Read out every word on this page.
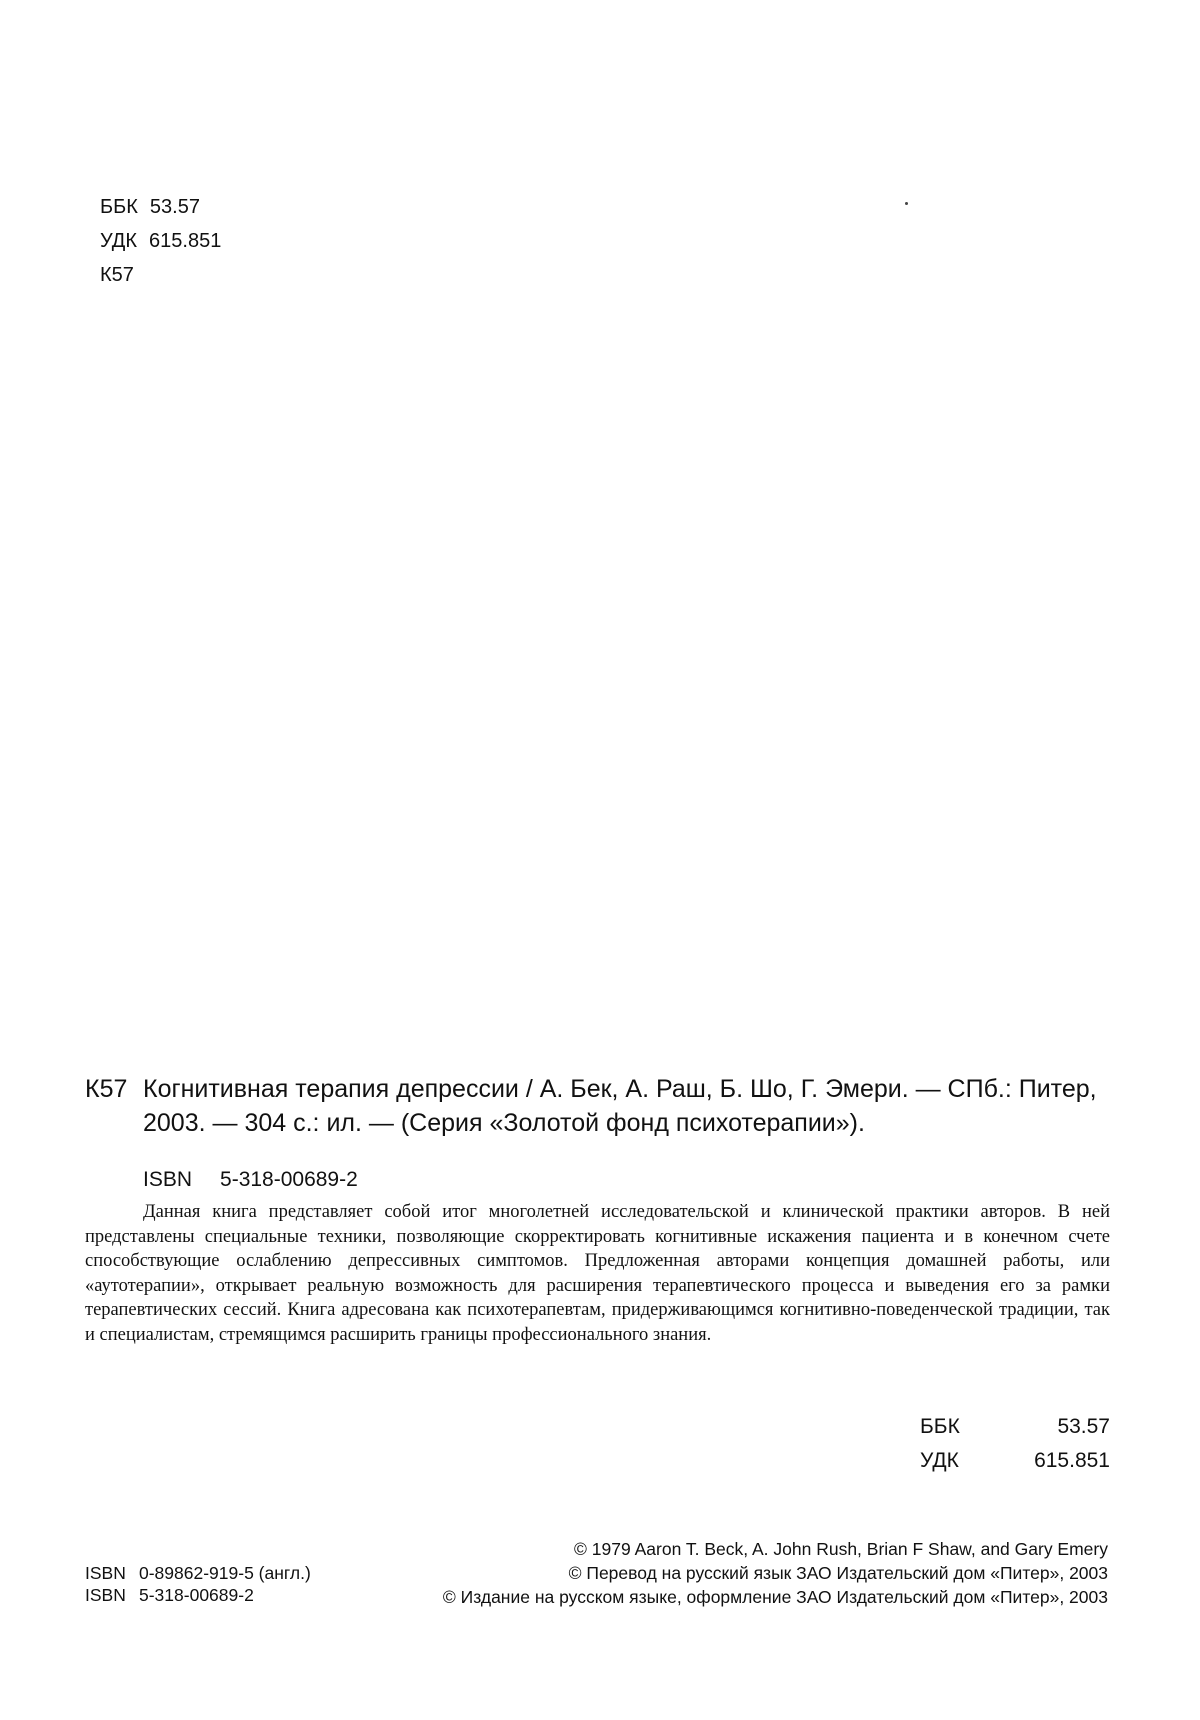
ББК 53.57
УДК 615.851
К57
К57 Когнитивная терапия депрессии / А. Бек, А. Раш, Б. Шо, Г. Эмери. — СПб.: Питер, 2003. — 304 с.: ил. — (Серия «Золотой фонд психотерапии»).
ISBN 5-318-00689-2
Данная книга представляет собой итог многолетней исследовательской и клинической практики авторов. В ней представлены специальные техники, позволяющие скорректировать когнитивные искажения пациента и в конечном счете способствующие ослаблению депрессивных симптомов. Предложенная авторами концепция домашней работы, или «аутотерапии», открывает реальную возможность для расширения терапевтического процесса и выведения его за рамки терапевтических сессий. Книга адресована как психотерапевтам, придерживающимся когнитивно-поведенческой традиции, так и специалистам, стремящимся расширить границы профессионального знания.
ББК	53.57
УДК	615.851
ISBN 0-89862-919-5 (англ.)
ISBN 5-318-00689-2
© 1979 Aaron T. Beck, A. John Rush, Brian F Shaw, and Gary Emery
© Перевод на русский язык ЗАО Издательский дом «Питер», 2003
© Издание на русском языке, оформление ЗАО Издательский дом «Питер», 2003
